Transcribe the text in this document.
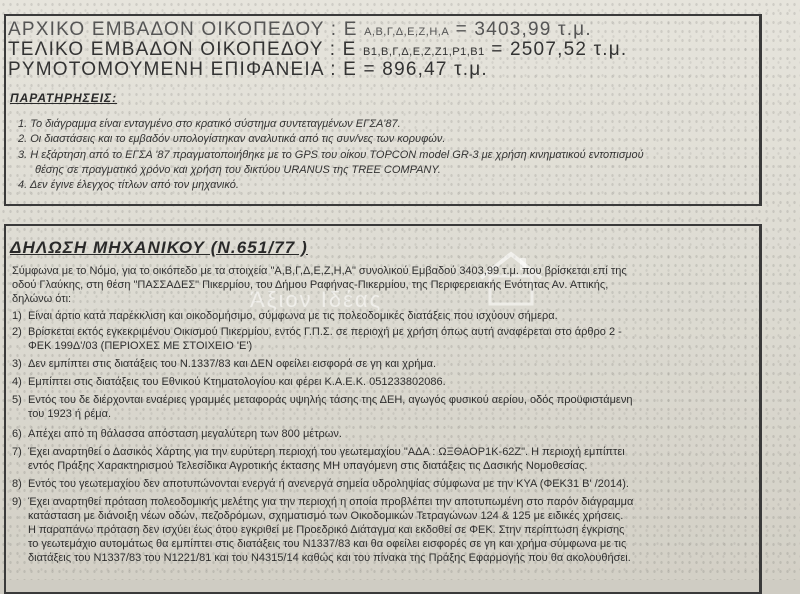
ΑΡΧΙΚΟ ΕΜΒΑΔΟΝ ΟΙΚΟΠΕΔΟΥ : Ε Α,Β,Γ,Δ,Ε,Ζ,Η,Α = 3403,99 τ.μ.
ΤΕΛΙΚΟ ΕΜΒΑΔΟΝ ΟΙΚΟΠΕΔΟΥ : Ε Β1,Β,Γ,Δ,Ε,Ζ,Ζ1,Ρ1,Β1 = 2507,52 τ.μ.
ΡΥΜΟΤΟΜΟΥΜΕΝΗ ΕΠΙΦΑΝΕΙΑ : Ε = 896,47 τ.μ.
ΠΑΡΑΤΗΡΗΣΕΙΣ:
1. Το διάγραμμα είναι ενταγμένο στο κρατικό σύστημα συντεταγμένων ΕΓΣΑ'87.
2. Οι διαστάσεις και το εμβαδόν υπολογίστηκαν αναλυτικά από τις συν/νες των κορυφών.
3. Η εξάρτηση από το ΕΓΣΑ '87 πραγματοποιήθηκε με το GPS του οίκου TOPCON model GR-3 με χρήση κινηματικού εντοπισμού
θέσης σε πραγματικό χρόνο και χρήση του δικτύου URANUS της TREE COMPANY.
4. Δεν έγινε έλεγχος τίτλων από τον μηχανικό.
Άξιον Ιδέας
ΔΗΛΩΣΗ ΜΗΧΑΝΙΚΟΥ (Ν.651/77 )
Σύμφωνα με το Νόμο, για το οικόπεδο με τα στοιχεία "Α,Β,Γ,Δ,Ε,Ζ,Η,Α" συνολικού Εμβαδού 3403,99 τ.μ. που βρίσκεται επί της
οδού Γλαύκης, στη θέση "ΠΑΣΣΑΔΕΣ" Πικερμίου, του Δήμου Ραφήνας-Πικερμίου, της Περιφερειακής Ενότητας Αν. Αττικής,
δηλώνω ότι:
1) Είναι άρτιο κατά παρέκκλιση και οικοδομήσιμο, σύμφωνα με τις πολεοδομικές διατάξεις που ισχύουν σήμερα.
2) Βρίσκεται εκτός εγκεκριμένου Οικισμού Πικερμίου, εντός Γ.Π.Σ. σε περιοχή με χρήση όπως αυτή αναφέρεται στο άρθρο 2 -
ΦΕΚ 199Δ'/03 (ΠΕΡΙΟΧΕΣ ΜΕ ΣΤΟΙΧΕΙΟ 'Ε')
3) Δεν εμπίπτει στις διατάξεις του Ν.1337/83 και ΔΕΝ οφείλει εισφορά σε γη και χρήμα.
4) Εμπίπτει στις διατάξεις του Εθνικού Κτηματολογίου και φέρει Κ.Α.Ε.Κ. 051233802086.
5) Εντός του δε διέρχονται εναέριες γραμμές μεταφοράς υψηλής τάσης της ΔΕΗ, αγωγός φυσικού αερίου, οδός προϋφιστάμενη
του 1923 ή ρέμα.
6) Απέχει από τη θάλασσα απόσταση μεγαλύτερη των 800 μέτρων.
7) Έχει αναρτηθεί ο Δασικός Χάρτης για την ευρύτερη περιοχή του γεωτεμαχίου "ΑΔΑ : ΩΞΘΑΟΡ1Κ-62Ζ". Η περιοχή εμπίπτει
εντός Πράξης Χαρακτηρισμού Τελεσίδικα Αγροτικής έκτασης ΜΗ υπαγόμενη στις διατάξεις τις Δασικής Νομοθεσίας.
8) Εντός του γεωτεμαχίου δεν αποτυπώνονται ενεργά ή ανενεργά σημεία υδροληψίας σύμφωνα με την ΚΥΑ (ΦΕΚ31 Β' /2014).
9) Έχει αναρτηθεί πρόταση πολεοδομικής μελέτης για την περιοχή η οποία προβλέπει την αποτυπωμένη στο παρόν διάγραμμα
κατάσταση με διάνοιξη νέων οδών, πεζοδρόμων, σχηματισμό των Οικοδομικών Τετραγώνων 124 & 125 με ειδικές χρήσεις.
Η παραπάνω πρόταση δεν ισχύει έως ότου εγκριθεί με Προεδρικό Διάταγμα και εκδοθεί σε ΦΕΚ. Στην περίπτωση έγκρισης
το γεωτεμάχιο αυτομάτως θα εμπίπτει στις διατάξεις του Ν1337/83 και θα οφείλει εισφορές σε γη και χρήμα σύμφωνα με τις
διατάξεις του Ν1337/83 του Ν1221/81 και του Ν4315/14 καθώς και του πίνακα της Πράξης Εφαρμογής που θα ακολουθήσει.
